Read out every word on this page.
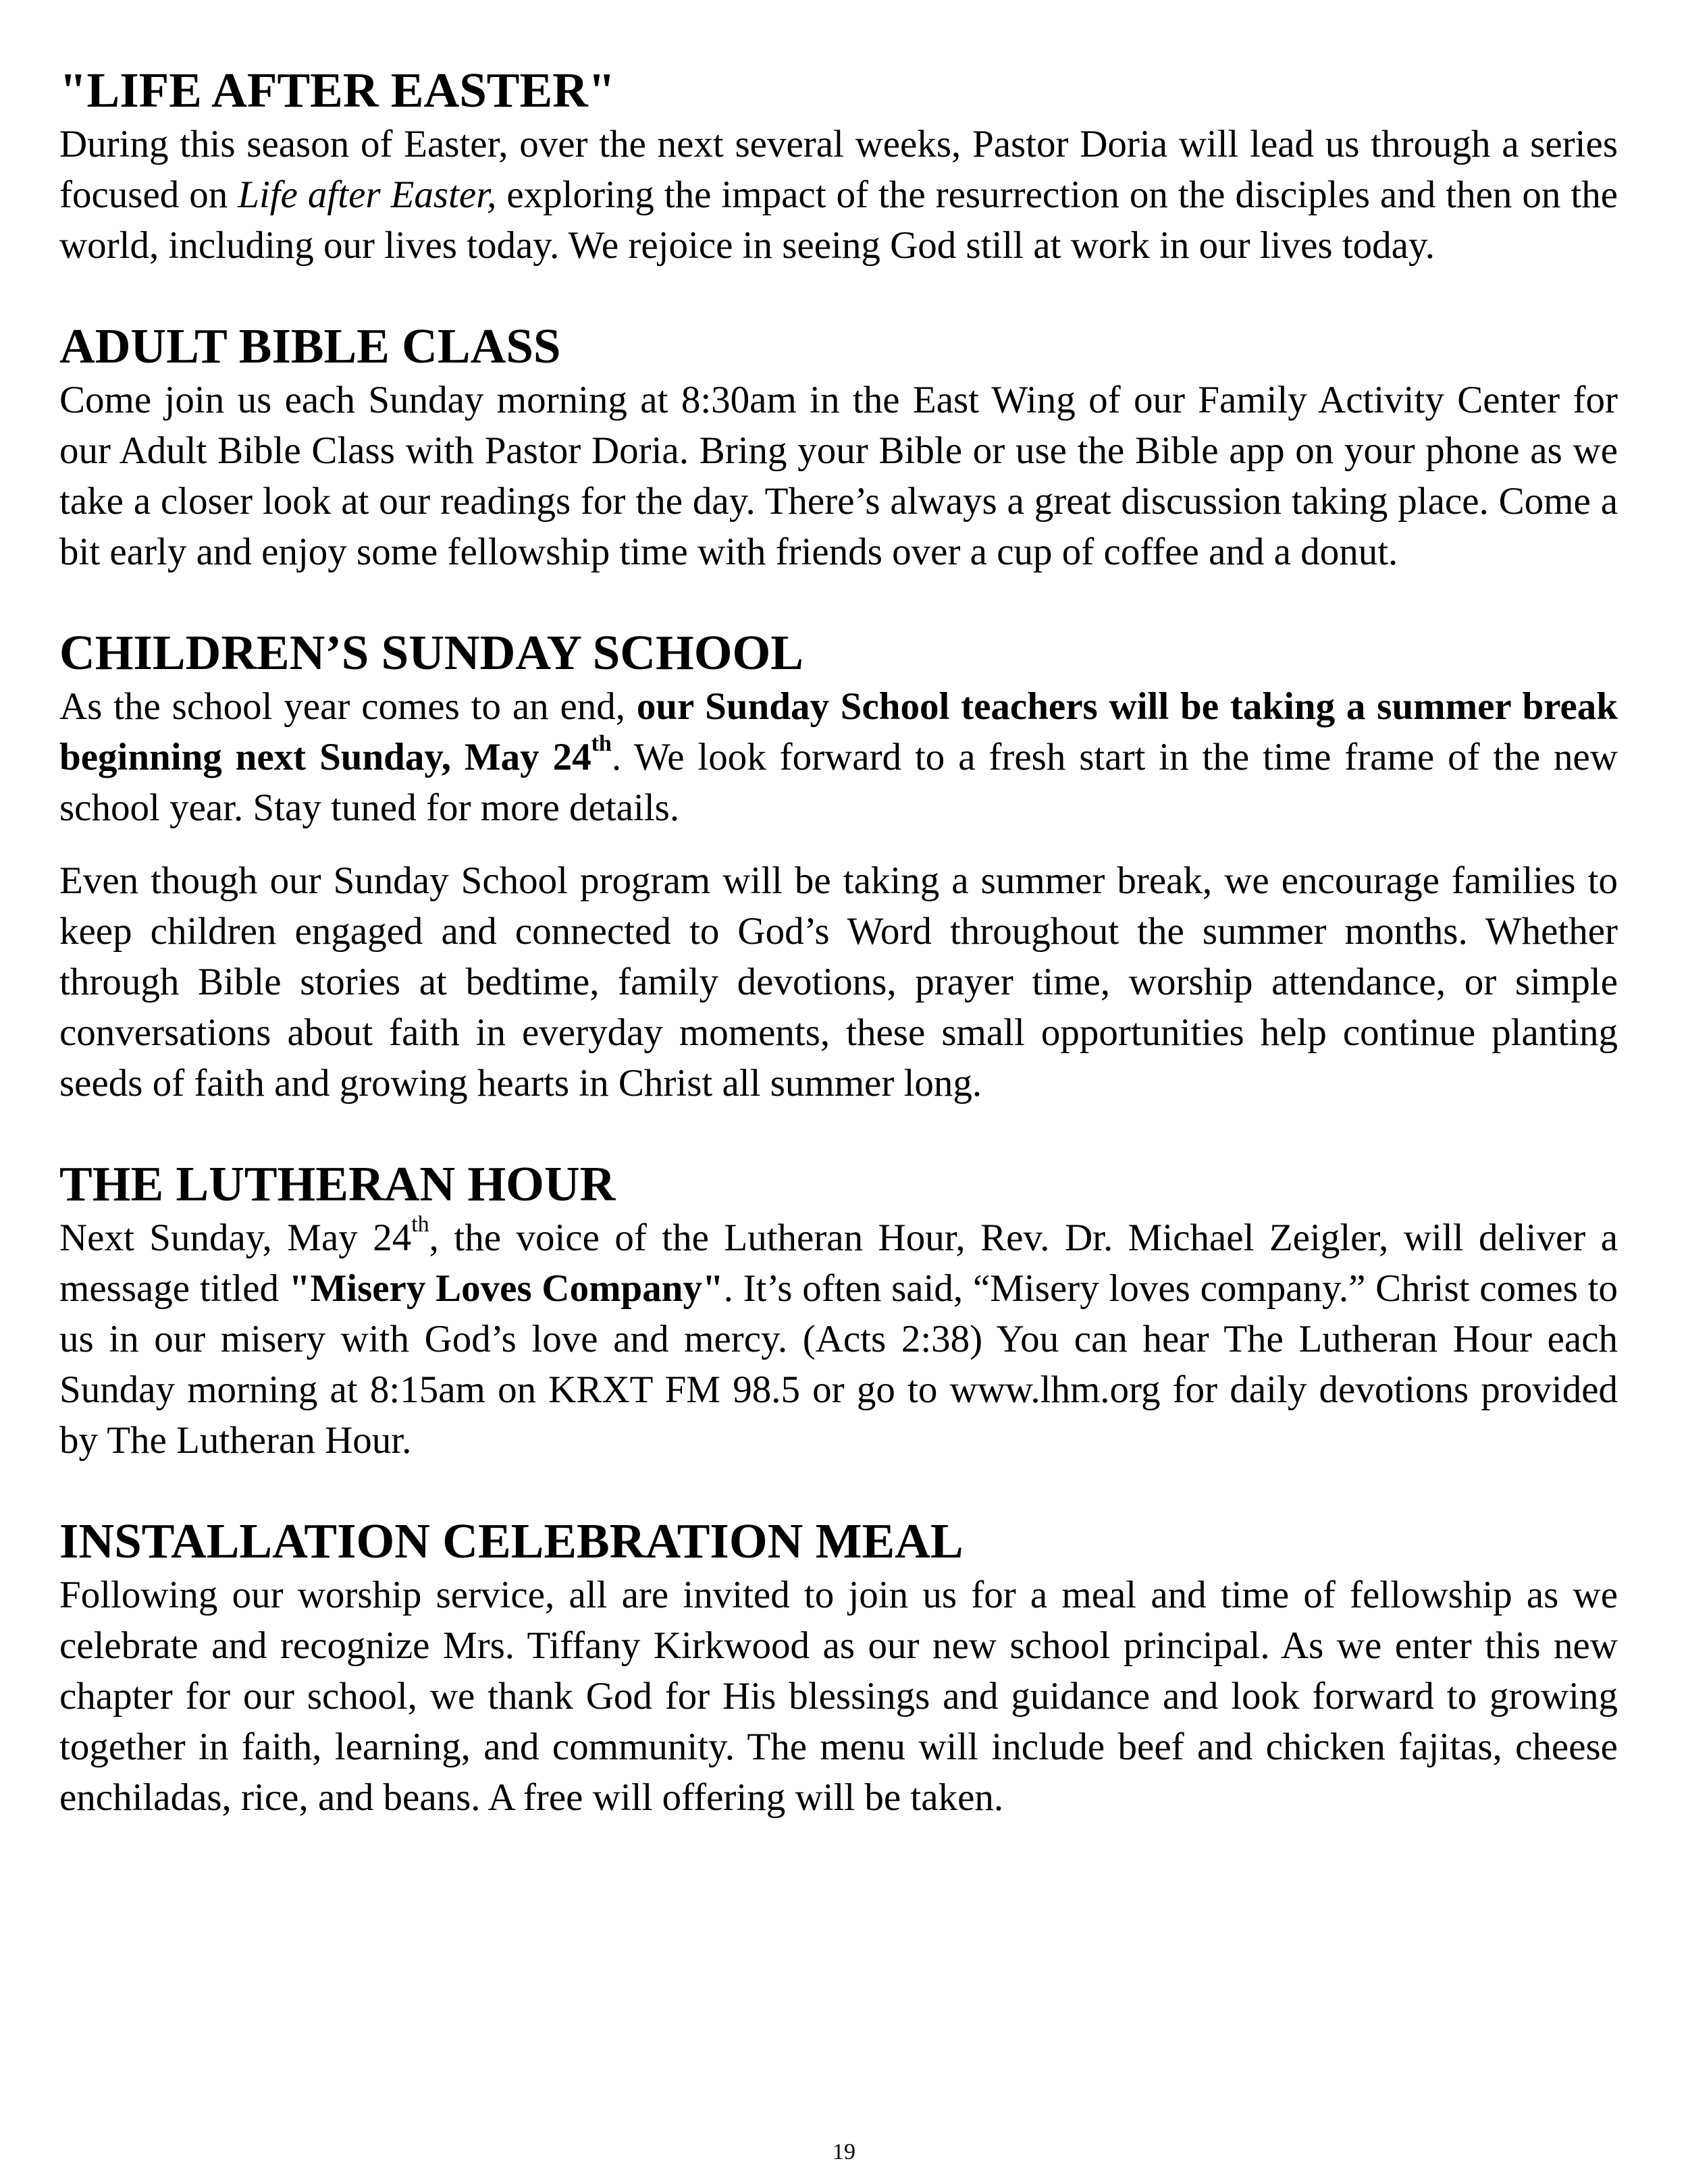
"LIFE AFTER EASTER"

During this season of Easter, over the next several weeks, Pastor Doria will lead us through a series focused on Life after Easter, exploring the impact of the resurrection on the disciples and then on the world, including our lives today. We rejoice in seeing God still at work in our lives today.

ADULT BIBLE CLASS

Come join us each Sunday morning at 8:30am in the East Wing of our Family Activity Center for our Adult Bible Class with Pastor Doria. Bring your Bible or use the Bible app on your phone as we take a closer look at our readings for the day. There’s always a great discussion taking place. Come a bit early and enjoy some fellowship time with friends over a cup of coffee and a donut.

CHILDREN’S SUNDAY SCHOOL

As the school year comes to an end, our Sunday School teachers will be taking a summer break beginning next Sunday, May 24th. We look forward to a fresh start in the time frame of the new school year. Stay tuned for more details.

Even though our Sunday School program will be taking a summer break, we encourage families to keep children engaged and connected to God’s Word throughout the summer months. Whether through Bible stories at bedtime, family devotions, prayer time, worship attendance, or simple conversations about faith in everyday moments, these small opportunities help continue planting seeds of faith and growing hearts in Christ all summer long.

THE LUTHERAN HOUR

Next Sunday, May 24th, the voice of the Lutheran Hour, Rev. Dr. Michael Zeigler, will deliver a message titled "Misery Loves Company". It’s often said, “Misery loves company.” Christ comes to us in our misery with God’s love and mercy. (Acts 2:38) You can hear The Lutheran Hour each Sunday morning at 8:15am on KRXT FM 98.5 or go to www.lhm.org for daily devotions provided by The Lutheran Hour.

INSTALLATION CELEBRATION MEAL

Following our worship service, all are invited to join us for a meal and time of fellowship as we celebrate and recognize Mrs. Tiffany Kirkwood as our new school principal. As we enter this new chapter for our school, we thank God for His blessings and guidance and look forward to growing together in faith, learning, and community. The menu will include beef and chicken fajitas, cheese enchiladas, rice, and beans. A free will offering will be taken.

19
